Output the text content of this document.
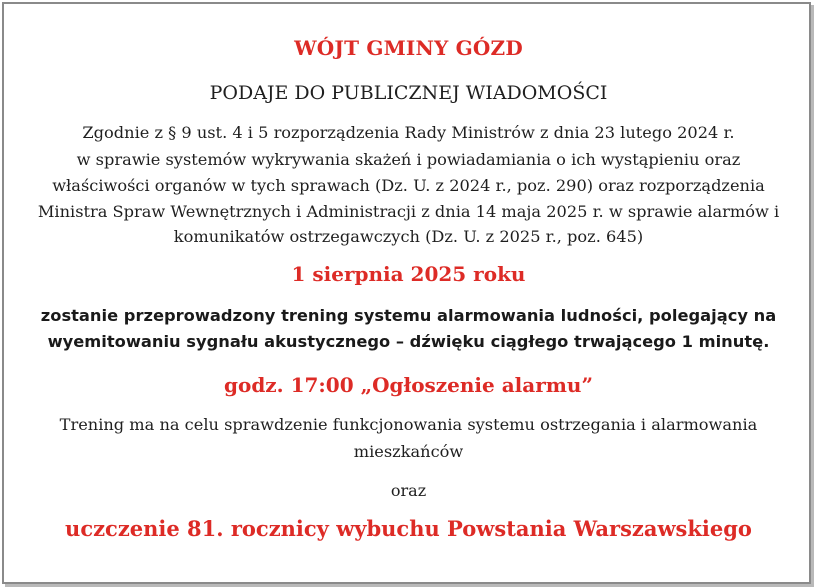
WÓJT GMINY GÓZD
PODAJE DO PUBLICZNEJ WIADOMOŚCI
Zgodnie z § 9 ust. 4 i 5 rozporządzenia Rady Ministrów z dnia 23 lutego 2024 r.
w sprawie systemów wykrywania skażeń i powiadamiania o ich wystąpieniu oraz
właściwości organów w tych sprawach (Dz. U. z 2024 r., poz. 290) oraz rozporządzenia
Ministra Spraw Wewnętrznych i Administracji z dnia 14 maja 2025 r. w sprawie alarmów i
komunikatów ostrzegawczych (Dz. U. z 2025 r., poz. 645)
1 sierpnia 2025 roku
zostanie przeprowadzony trening systemu alarmowania ludności, polegający na
wyemitowaniu sygnału akustycznego – dźwięku ciągłego trwającego 1 minutę.
godz. 17:00 „Ogłoszenie alarmu”
Trening ma na celu sprawdzenie funkcjonowania systemu ostrzegania i alarmowania
mieszkańców
oraz
uczczenie 81. rocznicy wybuchu Powstania Warszawskiego
